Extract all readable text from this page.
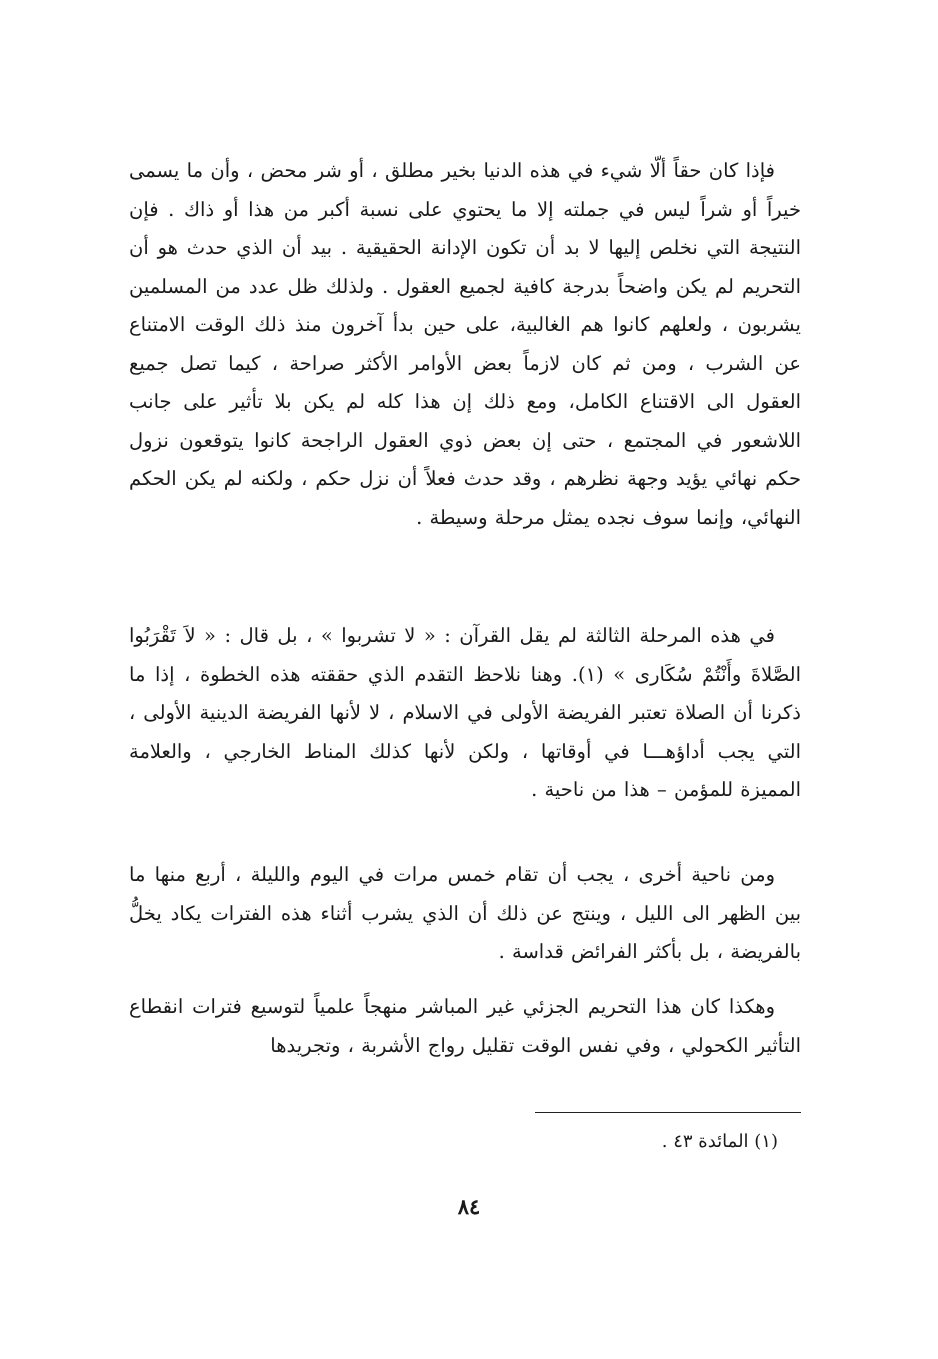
فإذا كان حقاً ألّا شيء في هذه الدنيا بخير مطلق ، أو شر محض ، وأن ما يسمى خيراً أو شراً ليس في جملته إلا ما يحتوي على نسبة أكبر من هذا أو ذاك . فإن النتيجة التي نخلص إليها لا بد أن تكون الإدانة الحقيقية . بيد أن الذي حدث هو أن التحريم لم يكن واضحاً بدرجة كافية لجميع العقول . ولذلك ظل عدد من المسلمين يشربون ، ولعلهم كانوا هم الغالبية، على حين بدأ آخرون منذ ذلك الوقت الامتناع عن الشرب ، ومن ثم كان لازماً بعض الأوامر الأكثر صراحة ، كيما تصل جميع العقول الى الاقتناع الكامل، ومع ذلك إن هذا كله لم يكن بلا تأثير على جانب اللاشعور في المجتمع ، حتى إن بعض ذوي العقول الراجحة كانوا يتوقعون نزول حكم نهائي يؤيد وجهة نظرهم ، وقد حدث فعلاً أن نزل حكم ، ولكنه لم يكن الحكم النهائي، وإنما سوف نجده يمثل مرحلة وسيطة .

في هذه المرحلة الثالثة لم يقل القرآن : « لا تشربوا » ، بل قال : « لاَ تَقْرَبُوا الصَّلاةَ وأَنْتُمْ سُكَارى » (١). وهنا نلاحظ التقدم الذي حققته هذه الخطوة ، إذا ما ذكرنا أن الصلاة تعتبر الفريضة الأولى في الاسلام ، لا لأنها الفريضة الدينية الأولى ، التي يجب أداؤهـــا في أوقاتها ، ولكن لأنها كذلك المناط الخارجي ، والعلامة المميزة للمؤمن – هذا من ناحية .

ومن ناحية أخرى ، يجب أن تقام خمس مرات في اليوم والليلة ، أربع منها ما بين الظهر الى الليل ، وينتج عن ذلك أن الذي يشرب أثناء هذه الفترات يكاد يخلُّ بالفريضة ، بل بأكثر الفرائض قداسة .

وهكذا كان هذا التحريم الجزئي غير المباشر منهجاً علمياً لتوسيع فترات انقطاع التأثير الكحولي ، وفي نفس الوقت تقليل رواج الأشربة ، وتجريدها

(١) المائدة ٤٣ .
٨٤
